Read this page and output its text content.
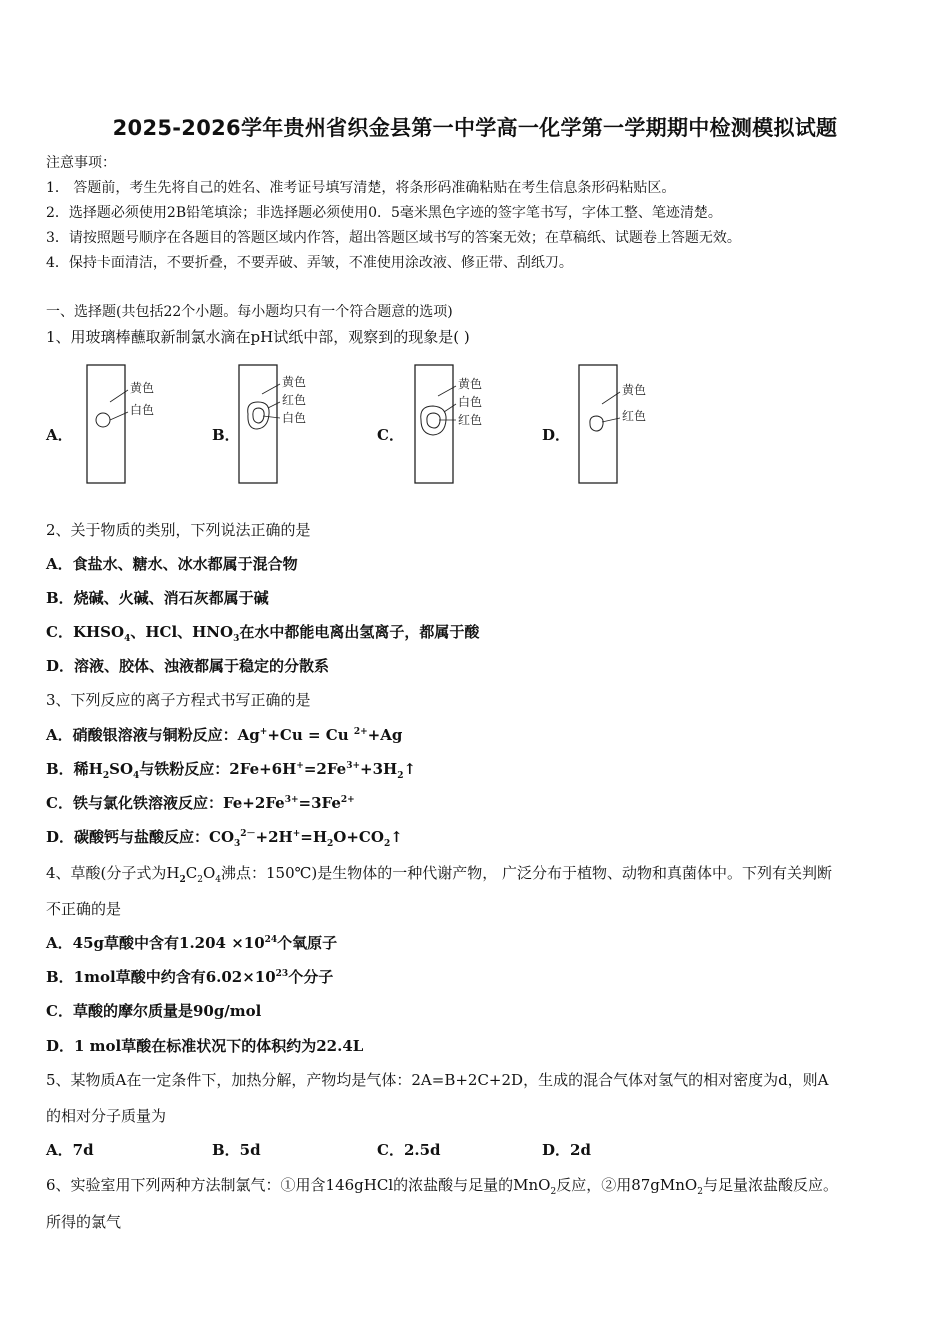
2025-2026学年贵州省织金县第一中学高一化学第一学期期中检测模拟试题
注意事项：
1． 答题前，考生先将自己的姓名、准考证号填写清楚，将条形码准确粘贴在考生信息条形码粘贴区。
2．选择题必须使用2B铅笔填涂；非选择题必须使用0．5毫米黑色字迹的签字笔书写，字体工整、笔迹清楚。
3．请按照题号顺序在各题目的答题区域内作答，超出答题区域书写的答案无效；在草稿纸、试题卷上答题无效。
4．保持卡面清洁，不要折叠，不要弄破、弄皱，不准使用涂改液、修正带、刮纸刀。
一、选择题(共包括22个小题。每小题均只有一个符合题意的选项)
1、用玻璃棒蘸取新制氯水滴在pH试纸中部，观察到的现象是( )
A．	B．	C．	D．
黄色
白色
黄色
红色
白色
黄色
白色
红色
黄色
红色
2、关于物质的类别，下列说法正确的是
A．食盐水、糖水、冰水都属于混合物
B．烧碱、火碱、消石灰都属于碱
C．$KHSO_4$、HCl、$HNO_3$在水中都能电离出氢离子，都属于酸
D．溶液、胶体、浊液都属于稳定的分散系
3、下列反应的离子方程式书写正确的是
A．硝酸银溶液与铜粉反应：Ag++Cu = Cu $^{2+}$+Ag
B．稀$H_2SO_4$与铁粉反应：$2Fe+6H^+=2Fe^{3+}+3H_2↑$
C．铁与氯化铁溶液反应：$Fe+2Fe^{3+}=3Fe^{2+}$
D．碳酸钙与盐酸反应：$CO_3^{2-}+2H^+=H_2O+CO_2↑$
4、草酸(分子式为$H_2C_2O_4$沸点：150℃)是生物体的一种代谢产物， 广泛分布于植物、动物和真菌体中。下列有关判断
不正确的是
A．45g草酸中含有$1.204 \times 10^{24}$个氧原子
B．1mol草酸中约含有$6.02\times 10^{23}$个分子
C．草酸的摩尔质量是90g/mol
D．1 mol草酸在标准状况下的体积约为22.4L
5、某物质A在一定条件下，加热分解，产物均是气体：2A=B+2C+2D，生成的混合气体对氢气的相对密度为d，则A
的相对分子质量为
A．7d	B．5d	C．2.5d	D．2d
6、实验室用下列两种方法制氯气：①用含146gHCl的浓盐酸与足量的MnO$_2$反应，②用87gMnO$_2$与足量浓盐酸反应。
所得的氯气
